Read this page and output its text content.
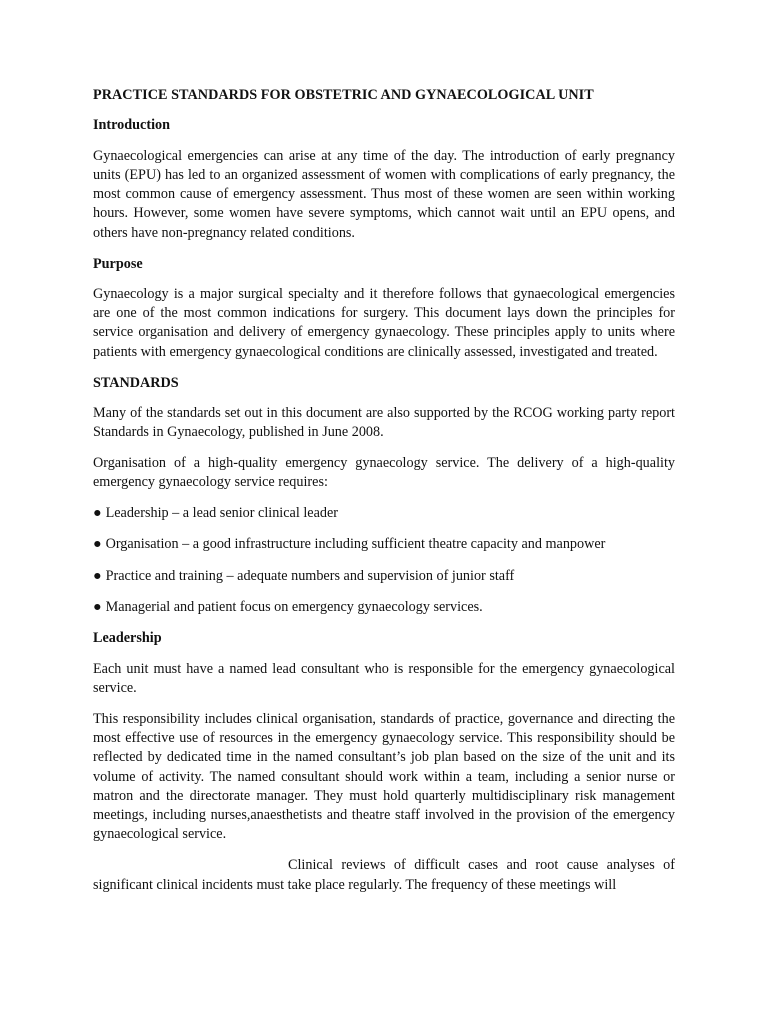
PRACTICE STANDARDS FOR OBSTETRIC AND GYNAECOLOGICAL UNIT
Introduction
Gynaecological emergencies can arise at any time of the day. The introduction of early pregnancy units (EPU) has led to an organized assessment of women with complications of early pregnancy, the most common cause of emergency assessment. Thus most of these women are seen within working hours. However, some women have severe symptoms, which cannot wait until an EPU opens, and others have non-pregnancy related conditions.
Purpose
Gynaecology is a major surgical specialty and it therefore follows that gynaecological emergencies are one of the most common indications for surgery. This document lays down the principles for service organisation and delivery of emergency gynaecology. These principles apply to units where patients with emergency gynaecological conditions are clinically assessed, investigated and treated.
STANDARDS
Many of the standards set out in this document are also supported by the RCOG working party report Standards in Gynaecology, published in June 2008.
Organisation of a high-quality emergency gynaecology service. The delivery of a high-quality emergency gynaecology service requires:
● Leadership – a lead senior clinical leader
● Organisation – a good infrastructure including sufficient theatre capacity and manpower
● Practice and training – adequate numbers and supervision of junior staff
● Managerial and patient focus on emergency gynaecology services.
Leadership
Each unit must have a named lead consultant who is responsible for the emergency gynaecological service.
This responsibility includes clinical organisation, standards of practice, governance and directing the most effective use of resources in the emergency gynaecology service. This responsibility should be reflected by dedicated time in the named consultant’s job plan based on the size of the unit and its volume of activity. The named consultant should work within a team, including a senior nurse or matron and the directorate manager. They must hold quarterly multidisciplinary risk management meetings, including nurses,anaesthetists and theatre staff involved in the provision of the emergency gynaecological service.
Clinical reviews of difficult cases and root cause analyses of significant clinical incidents must take place regularly. The frequency of these meetings will
